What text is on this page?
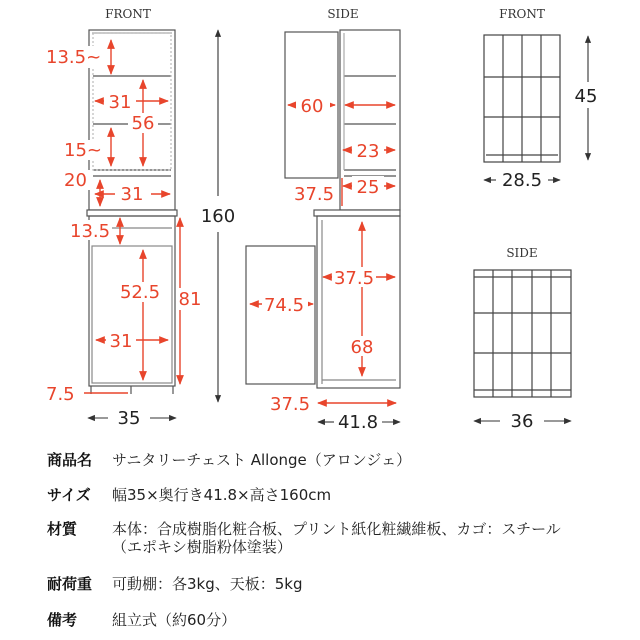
FRONT
13.5~
31
56
15~
20
31
13.5
52.5
31
81
7.5
35
160
SIDE
60
23
37.5 25
37.5
74.5
68
37.5
41.8
FRONT
45
28.5
SIDE
36
商品名 サニタリーチェスト Allonge（アロンジェ）
サイズ 幅35×奥行き41.8×高さ160cm
材質 本体：合成樹脂化粧合板、プリント紙化粧繊維板、カゴ：スチール
（エポキシ樹脂粉体塗装）
耐荷重 可動棚：各3kg、天板：5kg
備考 組立式（約60分）
